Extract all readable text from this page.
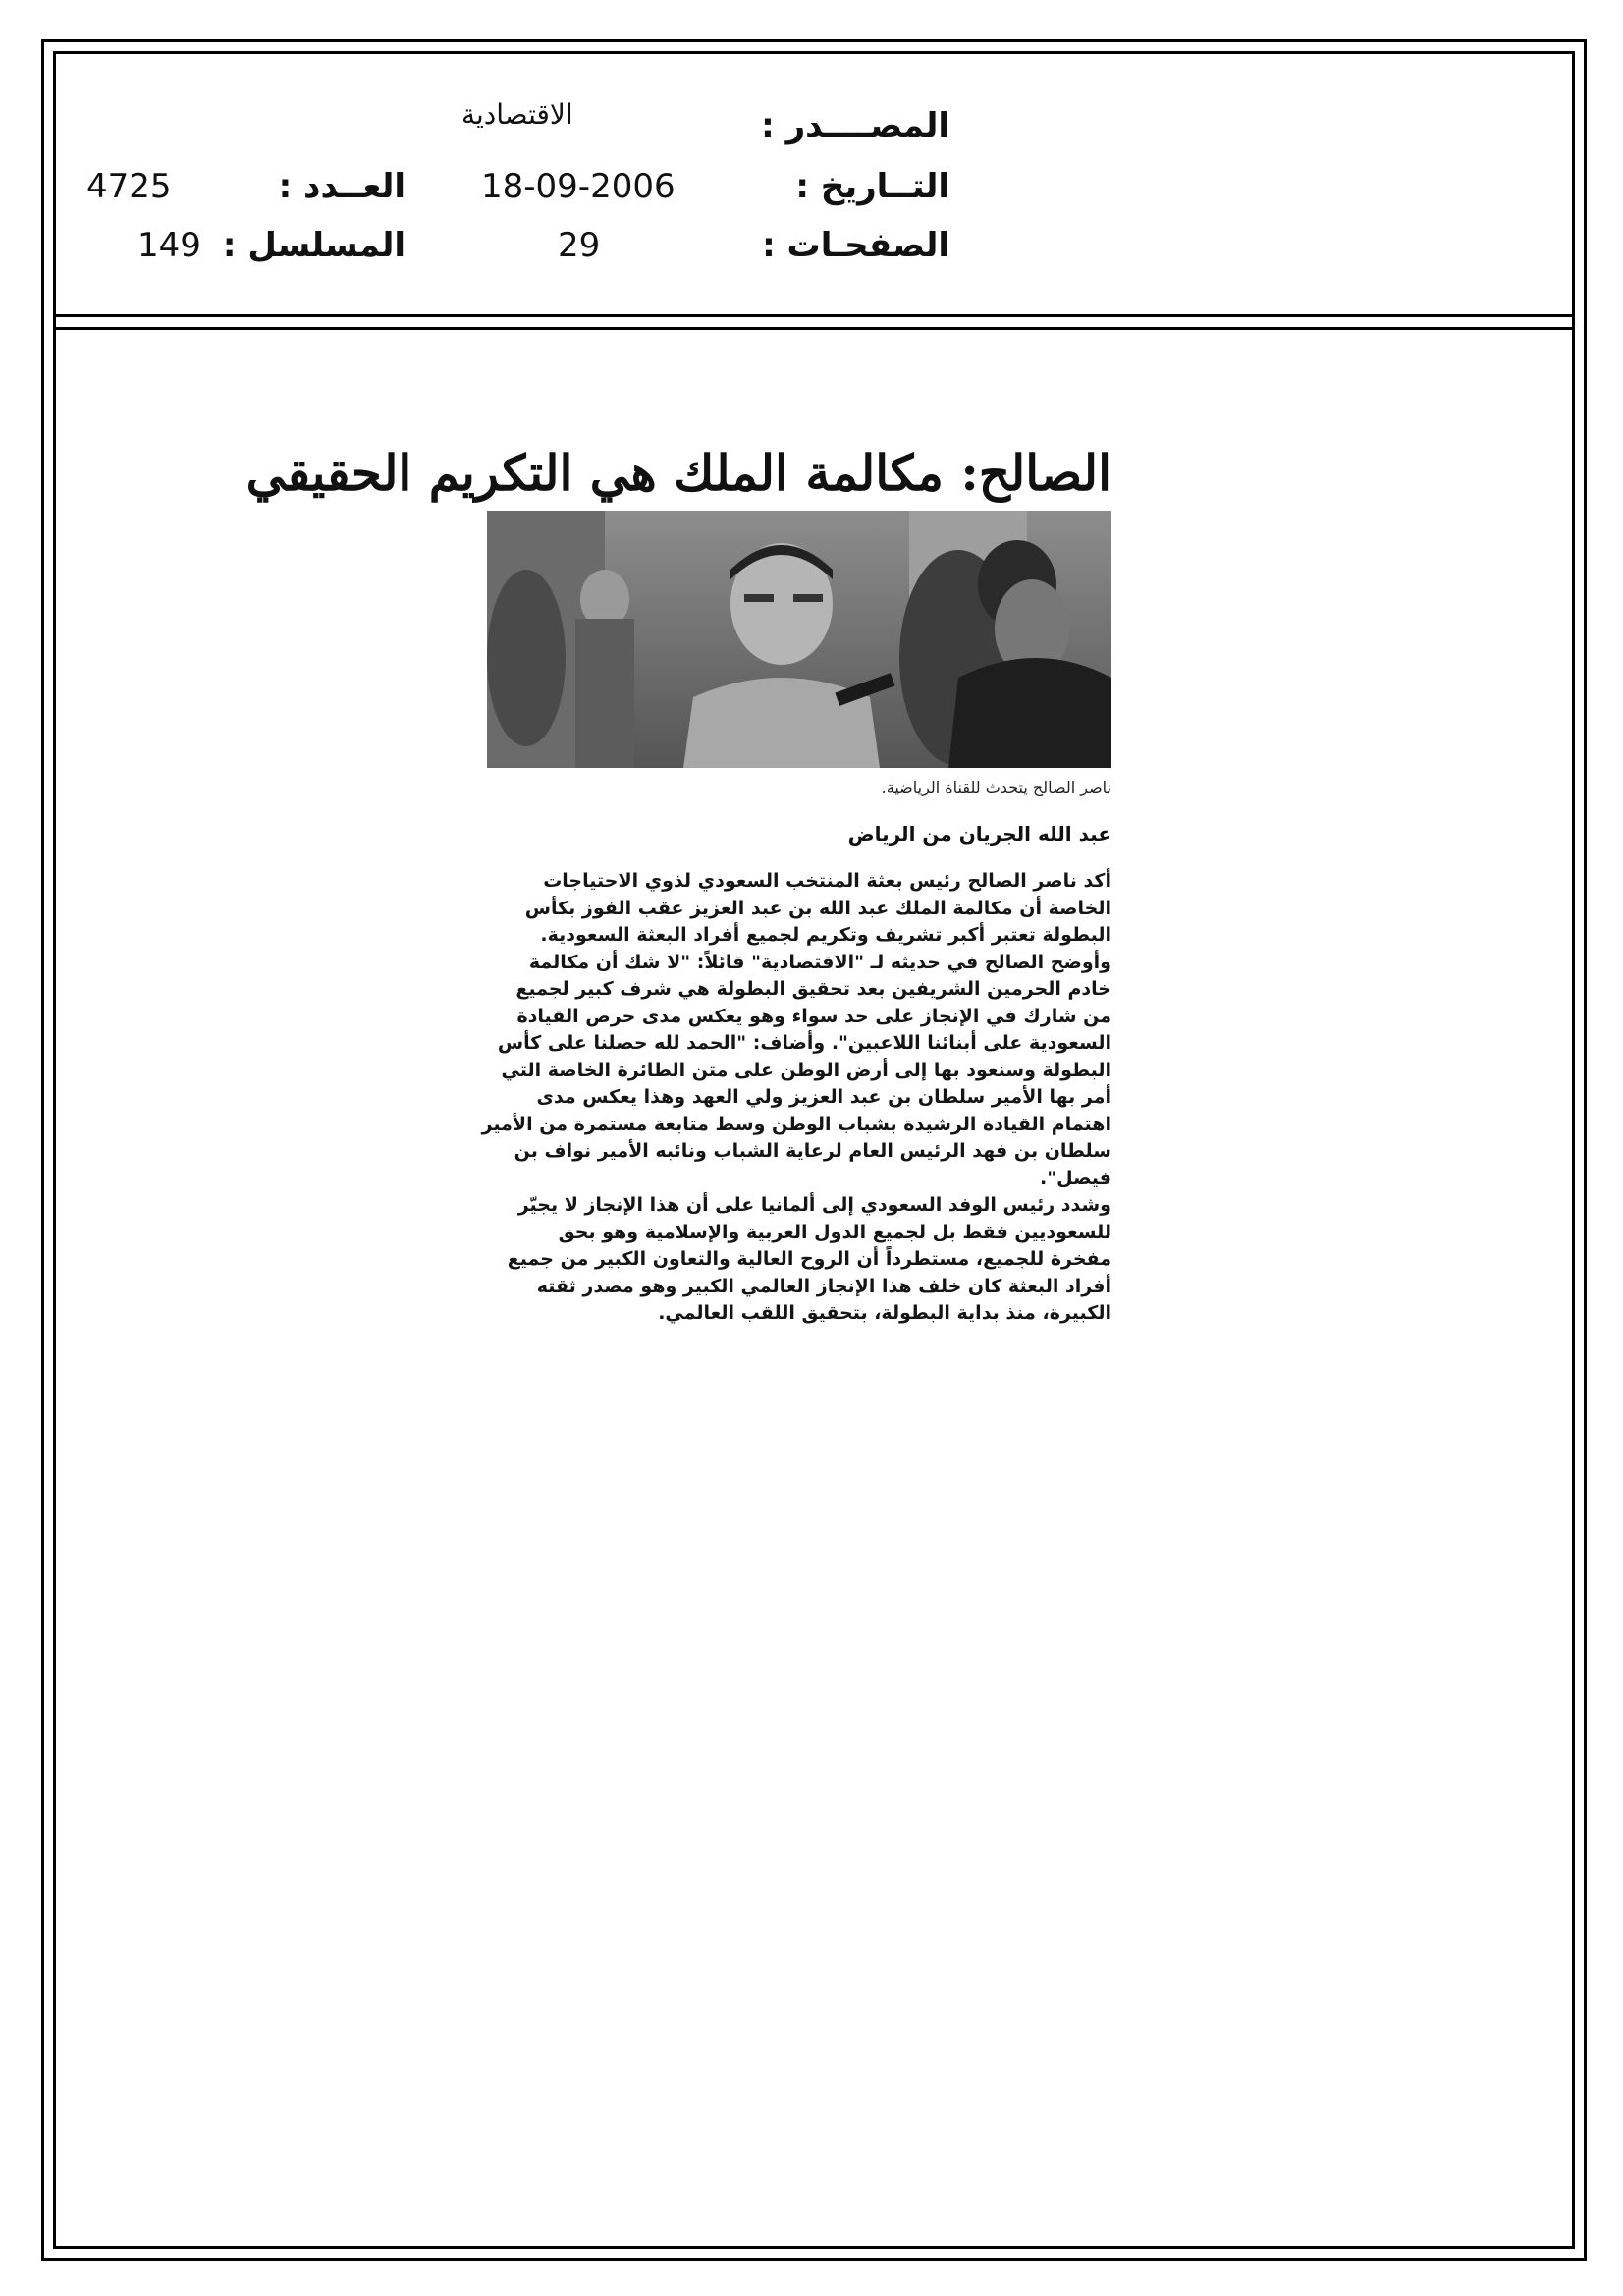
المصــــدر :
الاقتصادية
التــاريخ :
18-09-2006
العــدد :
4725
الصفحـات :
29
المسلسل :
149
الصالح: مكالمة الملك هي التكريم الحقيقي
ناصر الصالح يتحدث للقناة الرياضية.
عبد الله الجريان من الرياض
أكد ناصر الصالح رئيس بعثة المنتخب السعودي لذوي الاحتياجات
الخاصة أن مكالمة الملك عبد الله بن عبد العزيز عقب الفوز بكأس
البطولة تعتبر أكبر تشريف وتكريم لجميع أفراد البعثة السعودية.
وأوضح الصالح في حديثه لـ "الاقتصادية" قائلاً: "لا شك أن مكالمة
خادم الحرمين الشريفين بعد تحقيق البطولة هي شرف كبير لجميع
من شارك في الإنجاز على حد سواء وهو يعكس مدى حرص القيادة
السعودية على أبنائنا اللاعبين". وأضاف: "الحمد لله حصلنا على كأس
البطولة وسنعود بها إلى أرض الوطن على متن الطائرة الخاصة التي
أمر بها الأمير سلطان بن عبد العزيز ولي العهد وهذا يعكس مدى
اهتمام القيادة الرشيدة بشباب الوطن وسط متابعة مستمرة من الأمير
سلطان بن فهد الرئيس العام لرعاية الشباب ونائبه الأمير نواف بن
فيصل".
وشدد رئيس الوفد السعودي إلى ألمانيا على أن هذا الإنجاز لا يجيّر
للسعوديين فقط بل لجميع الدول العربية والإسلامية وهو بحق
مفخرة للجميع، مستطرداً أن الروح العالية والتعاون الكبير من جميع
أفراد البعثة كان خلف هذا الإنجاز العالمي الكبير وهو مصدر ثقته
الكبيرة، منذ بداية البطولة، بتحقيق اللقب العالمي.
